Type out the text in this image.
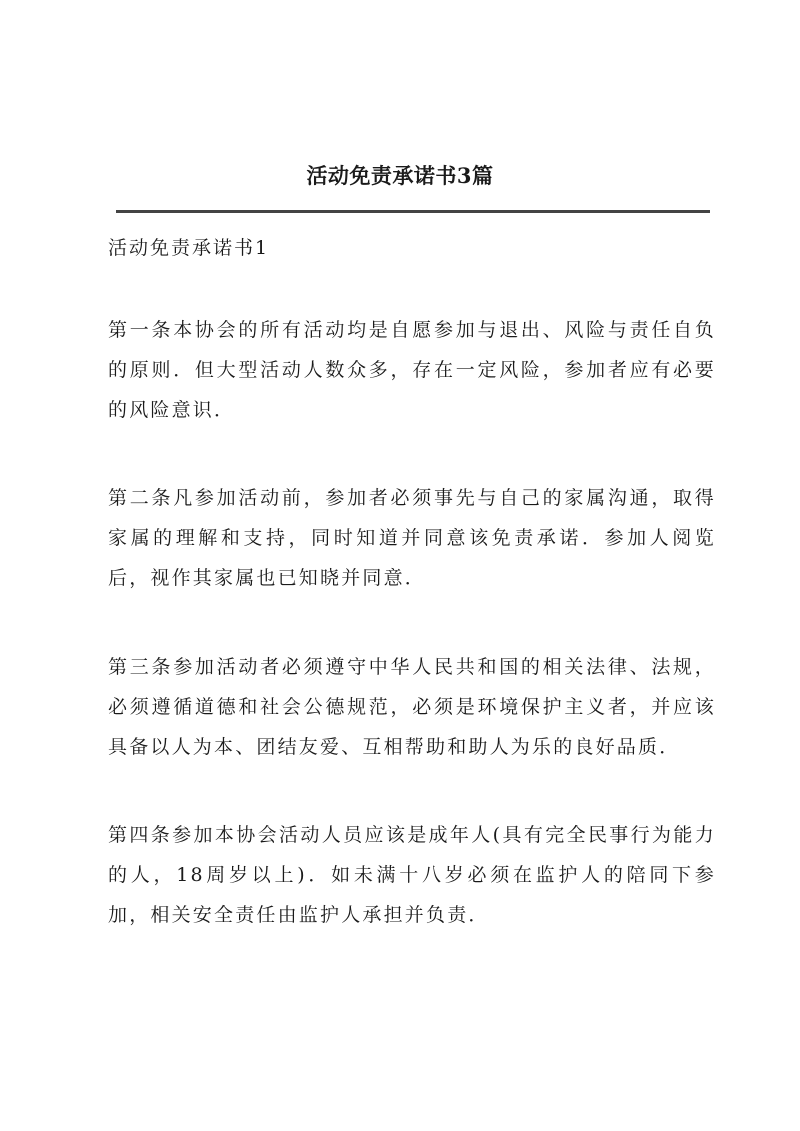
活动免责承诺书3篇
活动免责承诺书1

第一条本协会的所有活动均是自愿参加与退出、风险与责任自负的原则．但大型活动人数众多，存在一定风险，参加者应有必要的风险意识．

第二条凡参加活动前，参加者必须事先与自己的家属沟通，取得家属的理解和支持，同时知道并同意该免责承诺．参加人阅览后，视作其家属也已知晓并同意．

第三条参加活动者必须遵守中华人民共和国的相关法律、法规，必须遵循道德和社会公德规范，必须是环境保护主义者，并应该具备以人为本、团结友爱、互相帮助和助人为乐的良好品质．

第四条参加本协会活动人员应该是成年人(具有完全民事行为能力的人，18周岁以上)．如未满十八岁必须在监护人的陪同下参加，相关安全责任由监护人承担并负责．
